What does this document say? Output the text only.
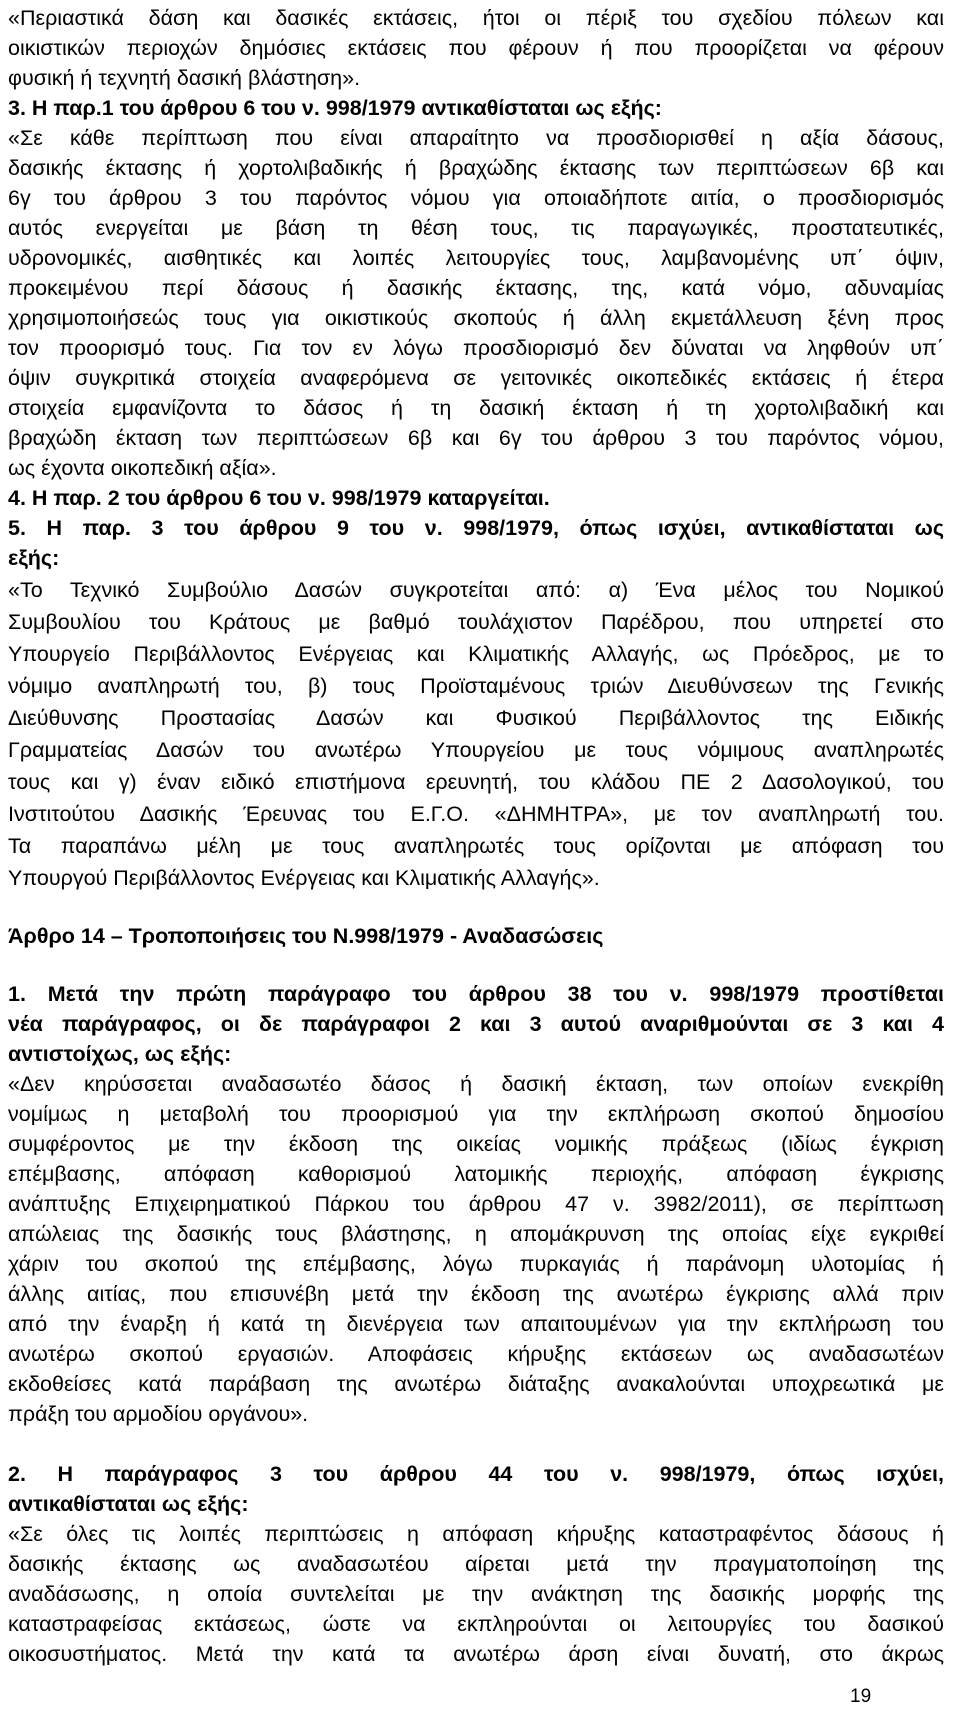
«Περιαστικά δάση και δασικές εκτάσεις, ήτοι οι πέριξ του σχεδίου πόλεων και
οικιστικών περιοχών δημόσιες εκτάσεις που φέρουν ή που προορίζεται να φέρουν
φυσική ή τεχνητή δασική βλάστηση».
3. Η παρ.1 του άρθρου 6 του ν. 998/1979 αντικαθίσταται ως εξής:
«Σε κάθε περίπτωση που είναι απαραίτητο να προσδιορισθεί η αξία δάσους,
δασικής έκτασης ή χορτολιβαδικής ή βραχώδης έκτασης των περιπτώσεων 6β και
6γ του άρθρου 3 του παρόντος νόμου για οποιαδήποτε αιτία, ο προσδιορισμός
αυτός ενεργείται με βάση τη θέση τους, τις παραγωγικές, προστατευτικές,
υδρονομικές, αισθητικές και λοιπές λειτουργίες τους, λαμβανομένης υπ΄ όψιν,
προκειμένου περί δάσους ή δασικής έκτασης, της, κατά νόμο, αδυναμίας
χρησιμοποιήσεώς τους για οικιστικούς σκοπούς ή άλλη εκμετάλλευση ξένη προς
τον προορισμό τους. Για τον εν λόγω προσδιορισμό δεν δύναται να ληφθούν υπ΄
όψιν συγκριτικά στοιχεία αναφερόμενα σε γειτονικές οικοπεδικές εκτάσεις ή έτερα
στοιχεία εμφανίζοντα το δάσος ή τη δασική έκταση ή τη χορτολιβαδική και
βραχώδη έκταση των περιπτώσεων 6β και 6γ του άρθρου 3 του παρόντος νόμου,
ως έχοντα οικοπεδική αξία».
4. Η παρ. 2 του άρθρου 6 του ν. 998/1979 καταργείται.
5. Η παρ. 3 του άρθρου 9 του ν. 998/1979, όπως ισχύει, αντικαθίσταται ως
εξής:
«Το Τεχνικό Συμβούλιο Δασών συγκροτείται από: α) Ένα μέλος του Νομικού
Συμβουλίου του Κράτους με βαθμό τουλάχιστον Παρέδρου, που υπηρετεί στο
Υπουργείο Περιβάλλοντος Ενέργειας και Κλιματικής Αλλαγής, ως Πρόεδρος, με το
νόμιμο αναπληρωτή του, β) τους Προϊσταμένους τριών Διευθύνσεων της Γενικής
Διεύθυνσης Προστασίας Δασών και Φυσικού Περιβάλλοντος της Ειδικής
Γραμματείας Δασών του ανωτέρω Υπουργείου με τους νόμιμους αναπληρωτές
τους και γ) έναν ειδικό επιστήμονα ερευνητή, του κλάδου ΠΕ 2 Δασολογικού, του
Ινστιτούτου Δασικής Έρευνας του Ε.Γ.Ο. «ΔΗΜΗΤΡΑ», με τον αναπληρωτή του.
Τα παραπάνω μέλη με τους αναπληρωτές τους ορίζονται με απόφαση του
Υπουργού Περιβάλλοντος Ενέργειας και Κλιματικής Αλλαγής».
Άρθρο 14 – Τροποποιήσεις του Ν.998/1979 - Αναδασώσεις
1. Μετά την πρώτη παράγραφο του άρθρου 38 του ν. 998/1979 προστίθεται
νέα παράγραφος, οι δε παράγραφοι 2 και 3 αυτού αναριθμούνται σε 3 και 4
αντιστοίχως, ως εξής:
«Δεν κηρύσσεται αναδασωτέο δάσος ή δασική έκταση, των οποίων ενεκρίθη
νομίμως η μεταβολή του προορισμού για την εκπλήρωση σκοπού δημοσίου
συμφέροντος με την έκδοση της οικείας νομικής πράξεως (ιδίως έγκριση
επέμβασης, απόφαση καθορισμού λατομικής περιοχής, απόφαση έγκρισης
ανάπτυξης Επιχειρηματικού Πάρκου του άρθρου 47 ν. 3982/2011), σε περίπτωση
απώλειας της δασικής τους βλάστησης, η απομάκρυνση της οποίας είχε εγκριθεί
χάριν του σκοπού της επέμβασης, λόγω πυρκαγιάς ή παράνομη υλοτομίας ή
άλλης αιτίας, που επισυνέβη μετά την έκδοση της ανωτέρω έγκρισης αλλά πριν
από την έναρξη ή κατά τη διενέργεια των απαιτουμένων για την εκπλήρωση του
ανωτέρω σκοπού εργασιών. Αποφάσεις κήρυξης εκτάσεων ως αναδασωτέων
εκδοθείσες κατά παράβαση της ανωτέρω διάταξης ανακαλούνται υποχρεωτικά με
πράξη του αρμοδίου οργάνου».
2. Η παράγραφος 3 του άρθρου 44 του ν. 998/1979, όπως ισχύει,
αντικαθίσταται ως εξής:
«Σε όλες τις λοιπές περιπτώσεις η απόφαση κήρυξης καταστραφέντος δάσους ή
δασικής έκτασης ως αναδασωτέου αίρεται μετά την πραγματοποίηση της
αναδάσωσης, η οποία συντελείται με την ανάκτηση της δασικής μορφής της
καταστραφείσας εκτάσεως, ώστε να εκπληρούνται οι λειτουργίες του δασικού
οικοσυστήματος. Μετά την κατά τα ανωτέρω άρση είναι δυνατή, στο άκρως
19
